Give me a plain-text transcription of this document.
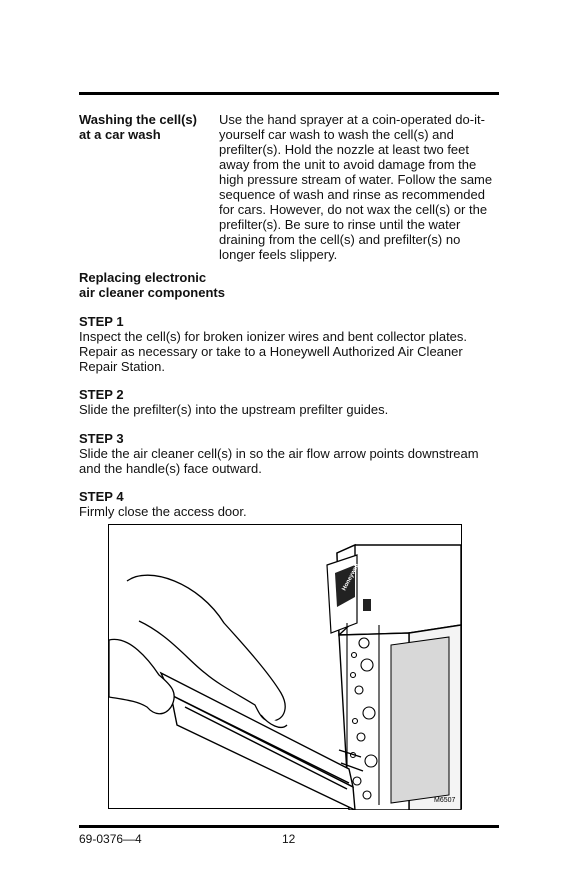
Washing the cell(s)
at a car wash
Use the hand sprayer at a coin-operated do-it-
yourself car wash to wash the cell(s) and
prefilter(s). Hold the nozzle at least two feet
away from the unit to avoid damage from the
high pressure stream of water. Follow the same
sequence of wash and rinse as recommended
for cars. However, do not wax the cell(s) or the
prefilter(s). Be sure to rinse until the water
draining from the cell(s) and prefilter(s) no
longer feels slippery.
Replacing electronic
air cleaner components
STEP 1
Inspect the cell(s) for broken ionizer wires and bent collector plates.
Repair as necessary or take to a Honeywell Authorized Air Cleaner
Repair Station.
STEP 2
Slide the prefilter(s) into the upstream prefilter guides.
STEP 3
Slide the air cleaner cell(s) in so the air flow arrow points downstream
and the handle(s) face outward.
STEP 4
Firmly close the access door.
Honeywell
M6507
69-0376—4	12
